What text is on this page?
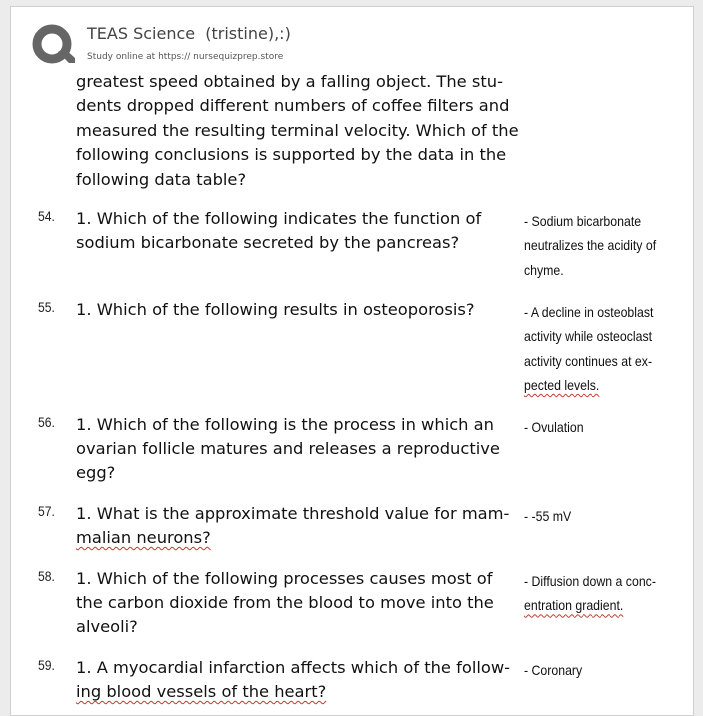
TEAS Science  (tristine),:)
Study online at https:// nursequizprep.store
greatest speed obtained by a falling object. The stu-
dents dropped different numbers of coffee filters and
measured the resulting terminal velocity. Which of the
following conclusions is supported by the data in the
following data table?
54. 1. Which of the following indicates the function of
sodium bicarbonate secreted by the pancreas?
- Sodium bicarbonate
neutralizes the acidity of
chyme.
55. 1. Which of the following results in osteoporosis?	- A decline in osteoblast
activity while osteoclast
activity continues at ex-
pected levels.
56. 1. Which of the following is the process in which an
ovarian follicle matures and releases a reproductive
egg?
- Ovulation
57. 1. What is the approximate threshold value for mam-
malian neurons?
- -55 mV
58. 1. Which of the following processes causes most of
the carbon dioxide from the blood to move into the
alveoli?
- Diffusion down a conc-
entration gradient.
59. 1. A myocardial infarction affects which of the follow-
ing blood vessels of the heart?
- Coronary
